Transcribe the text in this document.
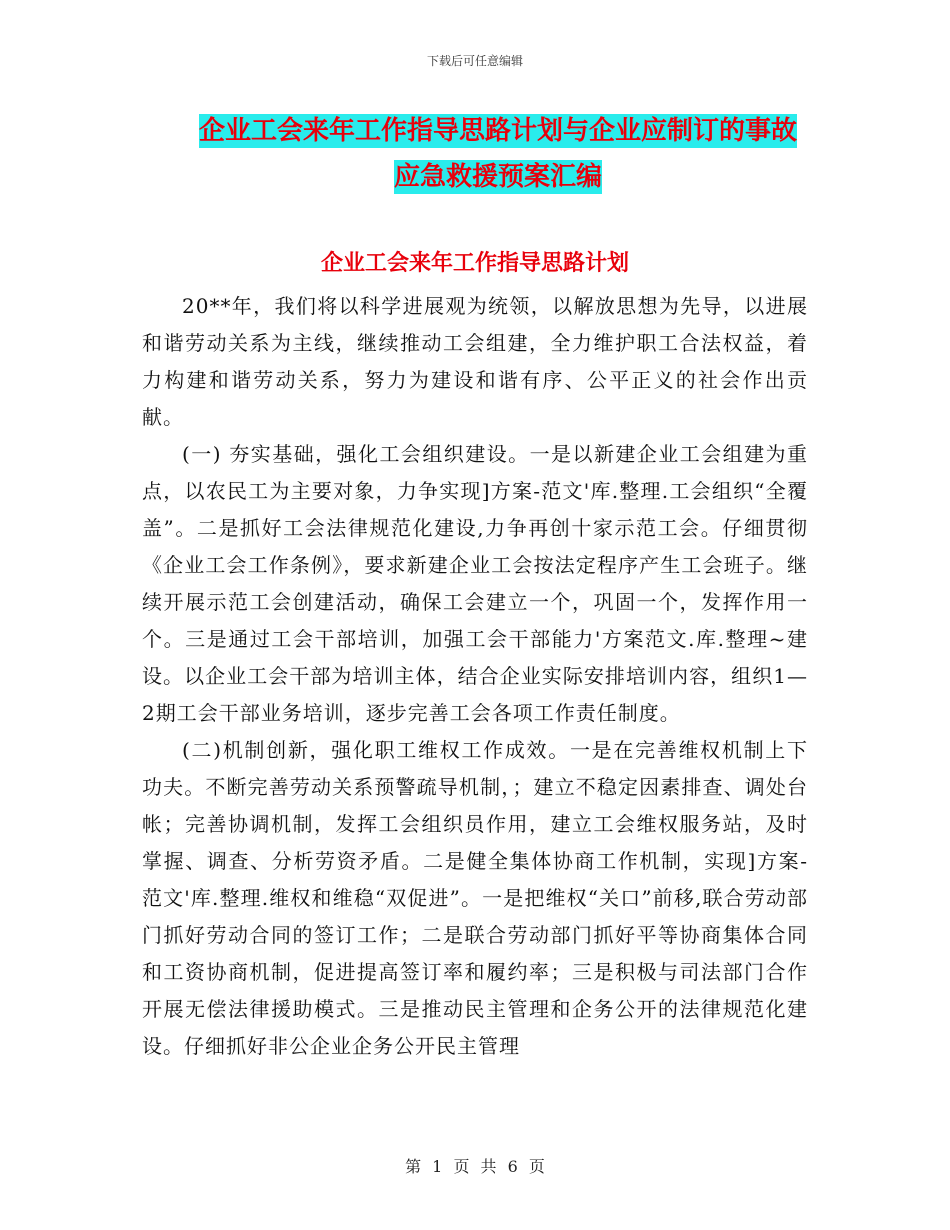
下载后可任意编辑
企业工会来年工作指导思路计划与企业应制订的事故
应急救援预案汇编
企业工会来年工作指导思路计划

20**年，我们将以科学进展观为统领，以解放思想为先导，以进展和谐劳动关系为主线，继续推动工会组建，全力维护职工合法权益，着力构建和谐劳动关系，努力为建设和谐有序、公平正义的社会作出贡献。

(一) 夯实基础，强化工会组织建设。一是以新建企业工会组建为重点，以农民工为主要对象，力争实现]方案-范文'库.整理.工会组织“全覆盖”。二是抓好工会法律规范化建设,力争再创十家示范工会。仔细贯彻《企业工会工作条例》，要求新建企业工会按法定程序产生工会班子。继续开展示范工会创建活动，确保工会建立一个，巩固一个，发挥作用一个。三是通过工会干部培训，加强工会干部能力'方案范文.库.整理~建设。以企业工会干部为培训主体，结合企业实际安排培训内容，组织1—2期工会干部业务培训，逐步完善工会各项工作责任制度。

(二)机制创新，强化职工维权工作成效。一是在完善维权机制上下功夫。不断完善劳动关系预警疏导机制，；建立不稳定因素排查、调处台帐；完善协调机制，发挥工会组织员作用，建立工会维权服务站，及时掌握、调查、分析劳资矛盾。二是健全集体协商工作机制，实现]方案-范文'库.整理.维权和维稳“双促进”。一是把维权“关口”前移,联合劳动部门抓好劳动合同的签订工作；二是联合劳动部门抓好平等协商集体合同和工资协商机制，促进提高签订率和履约率；三是积极与司法部门合作开展无偿法律援助模式。三是推动民主管理和企务公开的法律规范化建设。仔细抓好非公企业企务公开民主管理

第 1 页 共 6 页
